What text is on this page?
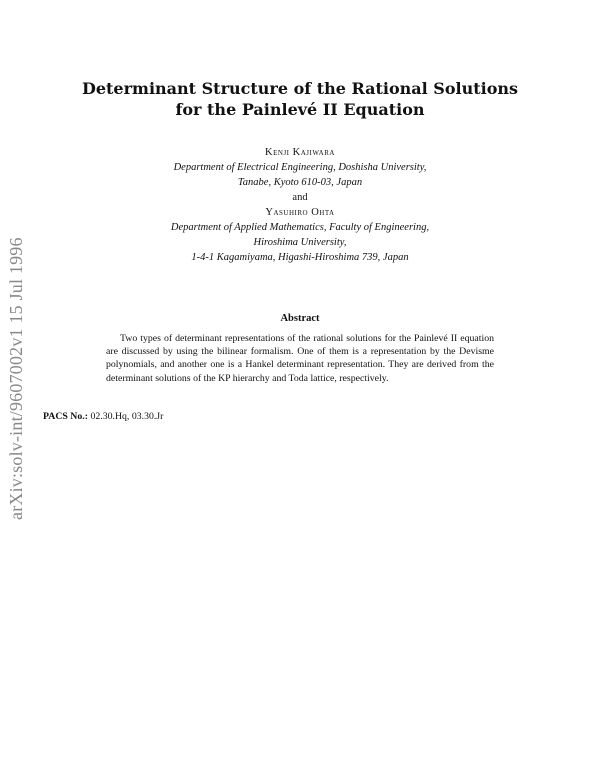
arXiv:solv-int/9607002v1 15 Jul 1996
Determinant Structure of the Rational Solutions
for the Painlevé II Equation
Kenji Kajiwara
Department of Electrical Engineering, Doshisha University,
Tanabe, Kyoto 610-03, Japan
and
Yasuhiro Ohta
Department of Applied Mathematics, Faculty of Engineering,
Hiroshima University,
1-4-1 Kagamiyama, Higashi-Hiroshima 739, Japan
Abstract
Two types of determinant representations of the rational solutions for the Painlevé II equation are discussed by using the bilinear formalism. One of them is a representation by the Devisme polynomials, and another one is a Hankel determinant representation. They are derived from the determinant solutions of the KP hierarchy and Toda lattice, respectively.
PACS No.: 02.30.Hq, 03.30.Jr
